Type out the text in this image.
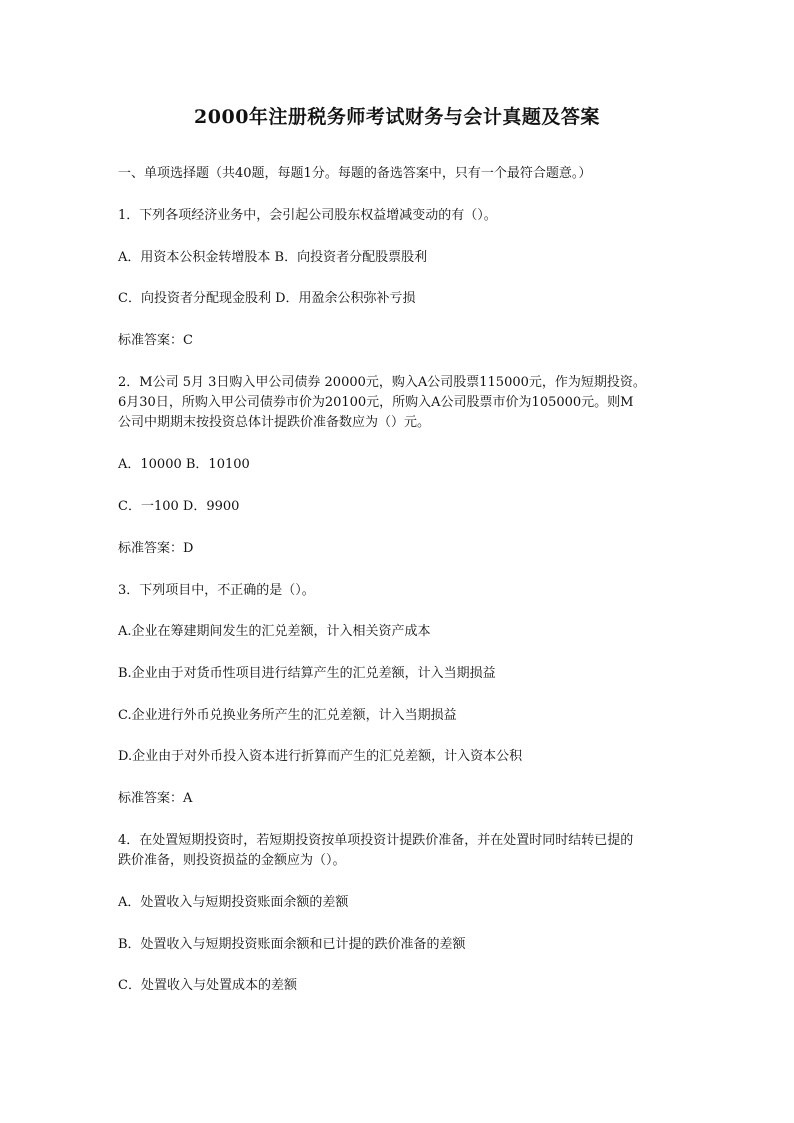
2000年注册税务师考试财务与会计真题及答案
一、单项选择题（共40题，每题1分。每题的备选答案中，只有一个最符合题意。）
1．下列各项经济业务中，会引起公司股东权益增减变动的有（）。
A．用资本公积金转增股本 B．向投资者分配股票股利
C．向投资者分配现金股利 D．用盈余公积弥补亏损
标准答案：C
2．M公司 5月 3日购入甲公司债券 20000元，购入A公司股票115000元，作为短期投资。
6月30日，所购入甲公司债券市价为20100元，所购入A公司股票市价为105000元。则M
公司中期期末按投资总体计提跌价准备数应为（）元。
A．10000 B．10100
C．一100 D．9900
标准答案：D
3．下列项目中，不正确的是（）。
A.企业在筹建期间发生的汇兑差额，计入相关资产成本
B.企业由于对货币性项目进行结算产生的汇兑差额，计入当期损益
C.企业进行外币兑换业务所产生的汇兑差额，计入当期损益
D.企业由于对外币投入资本进行折算而产生的汇兑差额，计入资本公积
标准答案：A
4．在处置短期投资时，若短期投资按单项投资计提跌价准备，并在处置时同时结转已提的
跌价准备，则投资损益的金额应为（）。
A．处置收入与短期投资账面余额的差额
B．处置收入与短期投资账面余额和已计提的跌价准备的差额
C．处置收入与处置成本的差额
